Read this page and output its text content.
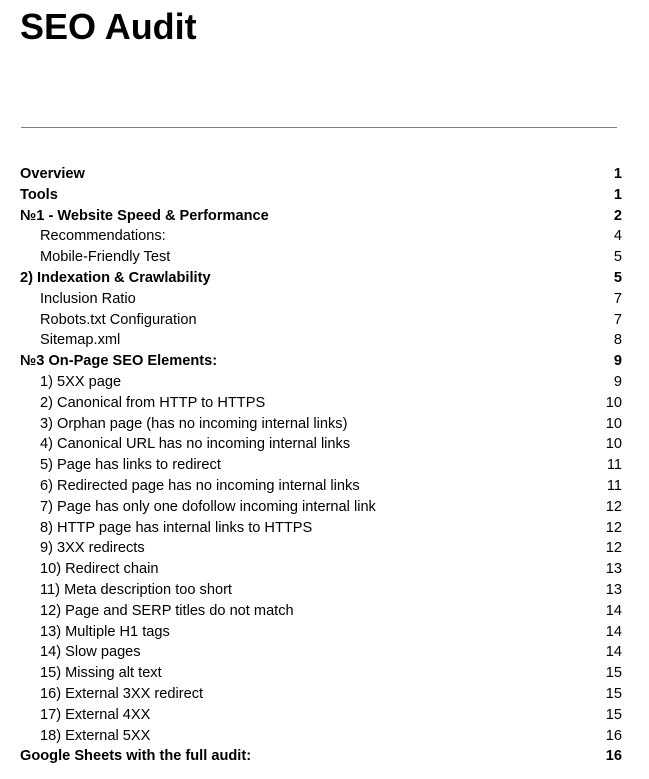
SEO Audit
Overview	1
Tools	1
№1 - Website Speed & Performance	2
Recommendations:	4
Mobile-Friendly Test	5
2) Indexation & Crawlability	5
Inclusion Ratio	7
Robots.txt Configuration	7
Sitemap.xml	8
№3 On-Page SEO Elements:	9
1) 5XX page	9
2) Canonical from HTTP to HTTPS	10
3) Orphan page (has no incoming internal links)	10
4) Canonical URL has no incoming internal links	10
5) Page has links to redirect	11
6) Redirected page has no incoming internal links	11
7) Page has only one dofollow incoming internal link	12
8) HTTP page has internal links to HTTPS	12
9) 3XX redirects	12
10) Redirect chain	13
11) Meta description too short	13
12) Page and SERP titles do not match	14
13) Multiple H1 tags	14
14) Slow pages	14
15) Missing alt text	15
16) External 3XX redirect	15
17) External 4XX	15
18) External 5XX	16
Google Sheets with the full audit:	16
